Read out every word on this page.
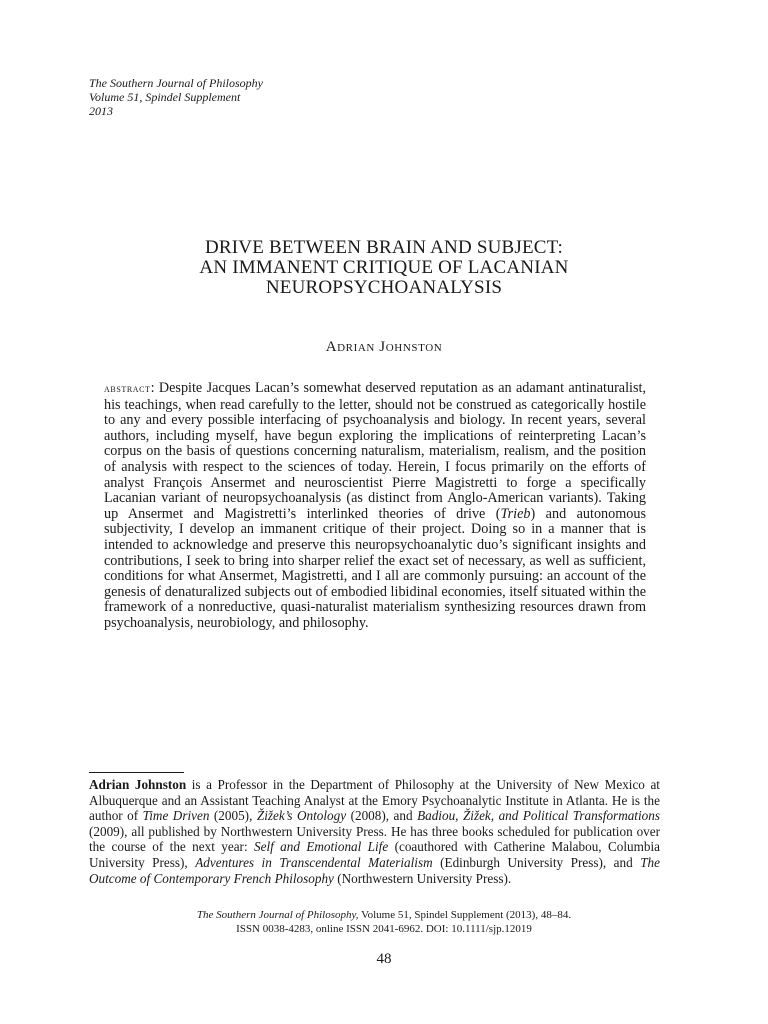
The Southern Journal of Philosophy
Volume 51, Spindel Supplement
2013
DRIVE BETWEEN BRAIN AND SUBJECT:
AN IMMANENT CRITIQUE OF LACANIAN
NEUROPSYCHOANALYSIS
Adrian Johnston
abstract: Despite Jacques Lacan’s somewhat deserved reputation as an adamant antinaturalist, his teachings, when read carefully to the letter, should not be construed as categorically hostile to any and every possible interfacing of psychoanalysis and biology. In recent years, several authors, including myself, have begun exploring the implications of reinterpreting Lacan’s corpus on the basis of questions concerning naturalism, materialism, realism, and the position of analysis with respect to the sciences of today. Herein, I focus primarily on the efforts of analyst François Ansermet and neuroscientist Pierre Magistretti to forge a specifically Lacanian variant of neuropsychoanalysis (as distinct from Anglo-American variants). Taking up Ansermet and Magistretti’s interlinked theories of drive (Trieb) and autonomous subjectivity, I develop an immanent critique of their project. Doing so in a manner that is intended to acknowledge and preserve this neuropsychoanalytic duo’s significant insights and contributions, I seek to bring into sharper relief the exact set of necessary, as well as sufficient, conditions for what Ansermet, Magistretti, and I all are commonly pursuing: an account of the genesis of denaturalized subjects out of embodied libidinal economies, itself situated within the framework of a nonreductive, quasi-naturalist materialism synthesizing resources drawn from psychoanalysis, neurobiology, and philosophy.
Adrian Johnston is a Professor in the Department of Philosophy at the University of New Mexico at Albuquerque and an Assistant Teaching Analyst at the Emory Psychoanalytic Institute in Atlanta. He is the author of Time Driven (2005), Žižek’s Ontology (2008), and Badiou, Žižek, and Political Transformations (2009), all published by Northwestern University Press. He has three books scheduled for publication over the course of the next year: Self and Emotional Life (coauthored with Catherine Malabou, Columbia University Press), Adventures in Transcendental Materialism (Edinburgh University Press), and The Outcome of Contemporary French Philosophy (Northwestern University Press).
The Southern Journal of Philosophy, Volume 51, Spindel Supplement (2013), 48–84.
ISSN 0038-4283, online ISSN 2041-6962. DOI: 10.1111/sjp.12019
48
